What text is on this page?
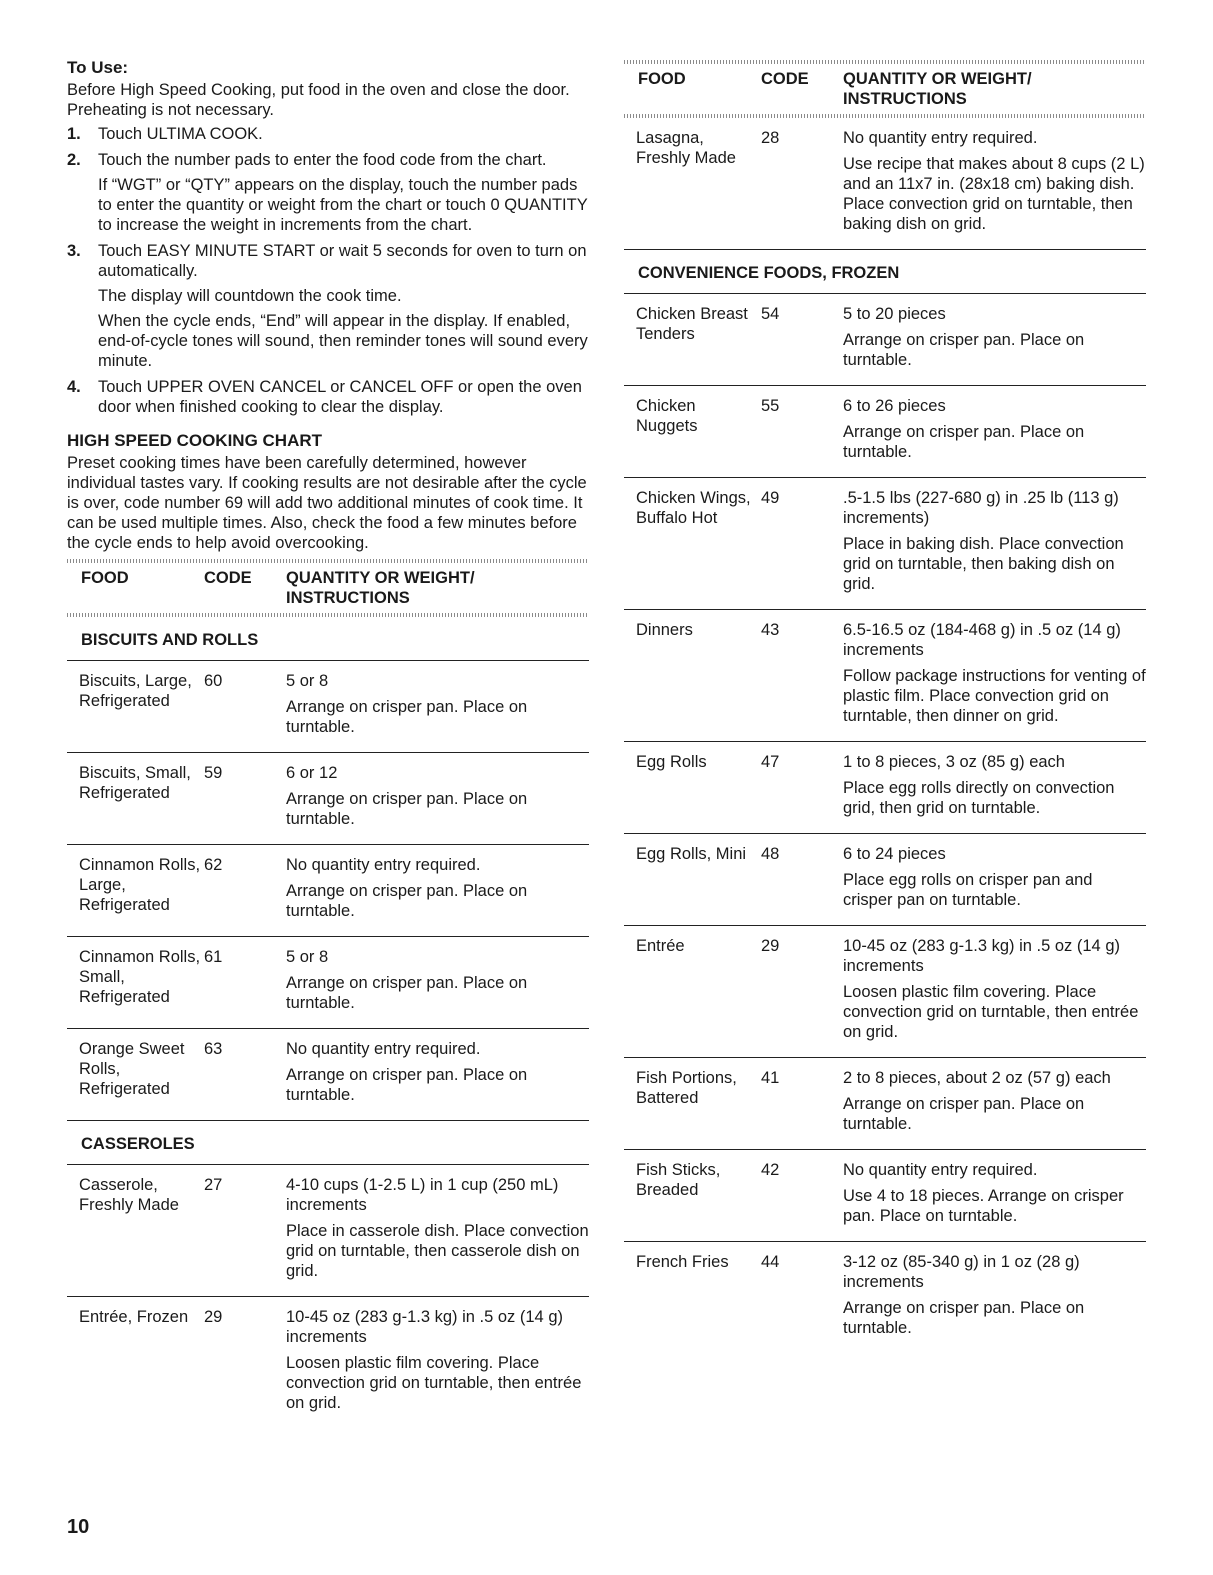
To Use:

Before High Speed Cooking, put food in the oven and close the door. Preheating is not necessary.

1. Touch ULTIMA COOK.
2. Touch the number pads to enter the food code from the chart.
If “WGT” or “QTY” appears on the display, touch the number pads to enter the quantity or weight from the chart or touch 0 QUANTITY to increase the weight in increments from the chart.
3. Touch EASY MINUTE START or wait 5 seconds for oven to turn on automatically.
The display will countdown the cook time.
When the cycle ends, “End” will appear in the display. If enabled, end-of-cycle tones will sound, then reminder tones will sound every minute.
4. Touch UPPER OVEN CANCEL or CANCEL OFF or open the oven door when finished cooking to clear the display.
HIGH SPEED COOKING CHART

Preset cooking times have been carefully determined, however individual tastes vary. If cooking results are not desirable after the cycle is over, code number 69 will add two additional minutes of cook time. It can be used multiple times. Also, check the food a few minutes before the cycle ends to help avoid overcooking.

FOOD	CODE	QUANTITY OR WEIGHT/
INSTRUCTIONS
BISCUITS AND ROLLS
Biscuits, Large, Refrigerated
60	5 or 8
Arrange on crisper pan. Place on turntable.
Biscuits, Small, Refrigerated
59	6 or 12
Arrange on crisper pan. Place on turntable.
Cinnamon Rolls, Large, Refrigerated
62	No quantity entry required.
Arrange on crisper pan. Place on turntable.
Cinnamon Rolls, Small, Refrigerated
61	5 or 8
Arrange on crisper pan. Place on turntable.
Orange Sweet Rolls, Refrigerated
63	No quantity entry required.
Arrange on crisper pan. Place on turntable.
CASSEROLES
Casserole, Freshly Made
27	4-10 cups (1-2.5 L) in 1 cup (250 mL) increments
Place in casserole dish. Place convection grid on turntable, then casserole dish on grid.
Entrée, Frozen 29	10-45 oz (283 g-1.3 kg) in .5 oz (14 g) increments
Loosen plastic film covering. Place convection grid on turntable, then entrée on grid.
FOOD	CODE	QUANTITY OR WEIGHT/
INSTRUCTIONS
Lasagna, Freshly Made
28	No quantity entry required.
Use recipe that makes about 8 cups (2 L) and an 11x7 in. (28x18 cm) baking dish. Place convection grid on turntable, then baking dish on grid.
CONVENIENCE FOODS, FROZEN
Chicken Breast Tenders
54	5 to 20 pieces
Arrange on crisper pan. Place on turntable.
Chicken Nuggets
55	6 to 26 pieces
Arrange on crisper pan. Place on turntable.
Chicken Wings, Buffalo Hot
49	.5-1.5 lbs (227-680 g) in .25 lb (113 g) increments)
Place in baking dish. Place convection grid on turntable, then baking dish on grid.
Dinners	43	6.5-16.5 oz (184-468 g) in .5 oz (14 g) increments
Follow package instructions for venting of plastic film. Place convection grid on turntable, then dinner on grid.
Egg Rolls	47	1 to 8 pieces, 3 oz (85 g) each
Place egg rolls directly on convection grid, then grid on turntable.
Egg Rolls, Mini 48	6 to 24 pieces
Place egg rolls on crisper pan and crisper pan on turntable.
Entrée	29	10-45 oz (283 g-1.3 kg) in .5 oz (14 g) increments
Loosen plastic film covering. Place convection grid on turntable, then entrée on grid.
Fish Portions, Battered
41	2 to 8 pieces, about 2 oz (57 g) each
Arrange on crisper pan. Place on turntable.
Fish Sticks, Breaded
42	No quantity entry required.
Use 4 to 18 pieces. Arrange on crisper pan. Place on turntable.
French Fries	44	3-12 oz (85-340 g) in 1 oz (28 g) increments
Arrange on crisper pan. Place on turntable.
10
